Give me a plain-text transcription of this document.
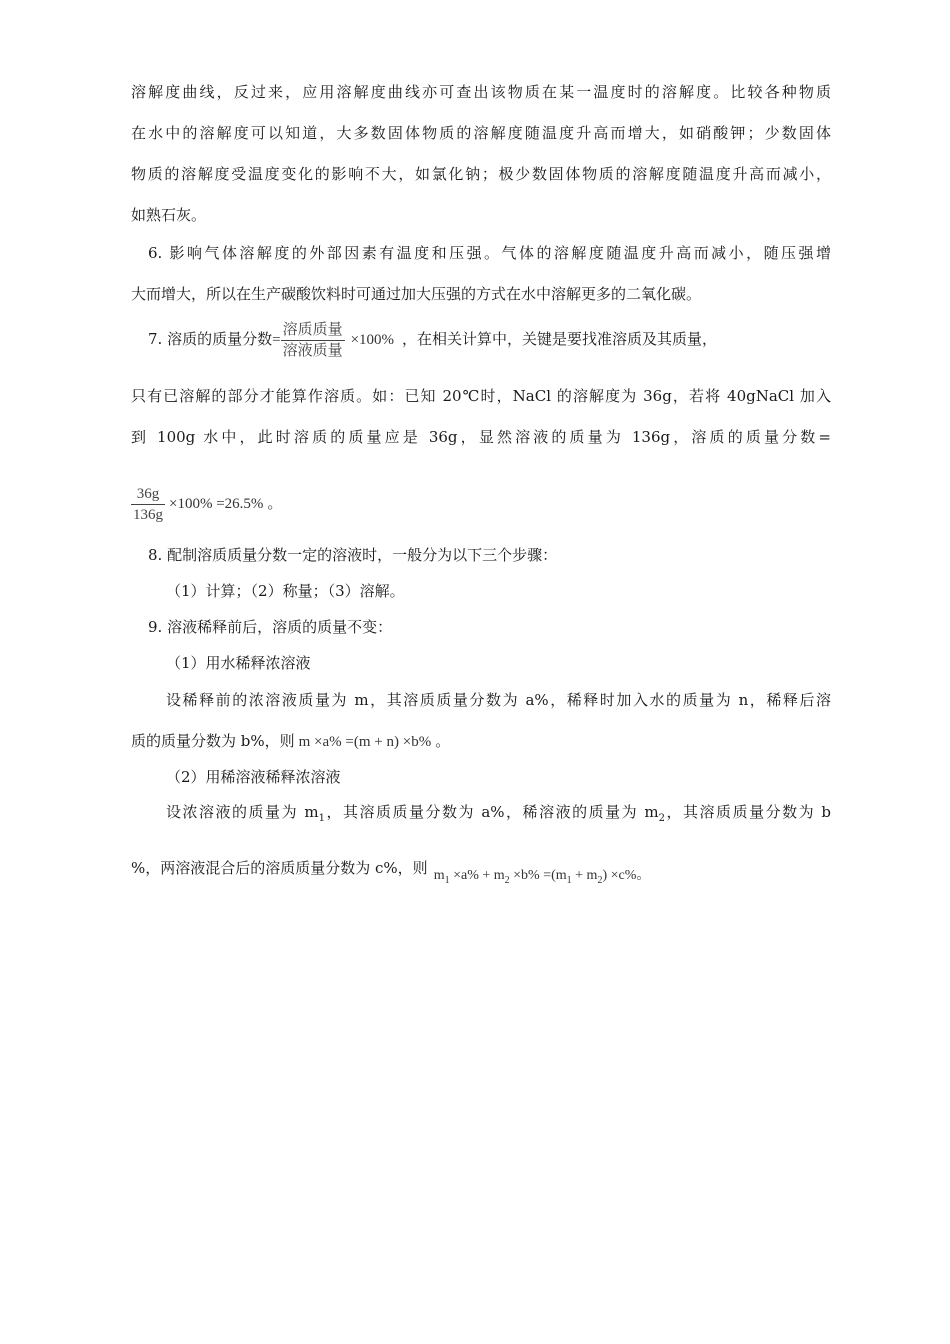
溶解度曲线，反过来，应用溶解度曲线亦可查出该物质在某一温度时的溶解度。比较各种物质
在水中的溶解度可以知道，大多数固体物质的溶解度随温度升高而增大，如硝酸钾；少数固体
物质的溶解度受温度变化的影响不大，如氯化钠；极少数固体物质的溶解度随温度升高而减小，
如熟石灰。
6. 影响气体溶解度的外部因素有温度和压强。气体的溶解度随温度升高而减小，随压强增
大而增大，所以在生产碳酸饮料时可通过加大压强的方式在水中溶解更多的二氧化碳。
7. 溶质的质量分数= $\frac{\text{溶质质量}}{\text{溶液质量}} \times 100\%$ ，在相关计算中，关键是要找准溶质及其质量，
只有已溶解的部分才能算作溶质。如：已知 20℃时，NaCl 的溶解度为 36g，若将 40gNaCl 加入
到 100g 水中，此时溶质的质量应是 36g，显然溶液的质量为 136g，溶质的质量分数=
$\frac{36g}{136g} \times 100\% =26.5\%$ 。
8. 配制溶质质量分数一定的溶液时，一般分为以下三个步骤：
（1）计算；（2）称量；（3）溶解。
9. 溶液稀释前后，溶质的质量不变：
（1）用水稀释浓溶液
设稀释前的浓溶液质量为 m，其溶质质量分数为 a%，稀释时加入水的质量为 n，稀释后溶
质的质量分数为 b%，则 m ×a% =(m + n) ×b% 。
（2）用稀溶液稀释浓溶液
设浓溶液的质量为 $m_1$，其溶质质量分数为 a%，稀溶液的质量为 $m_2$，其溶质质量分数为 b
%，两溶液混合后的溶质质量分数为 c%，则 $m_1 \times a\% + m_2 \times b\% =(m_1 + m_2) \times c\%$。
